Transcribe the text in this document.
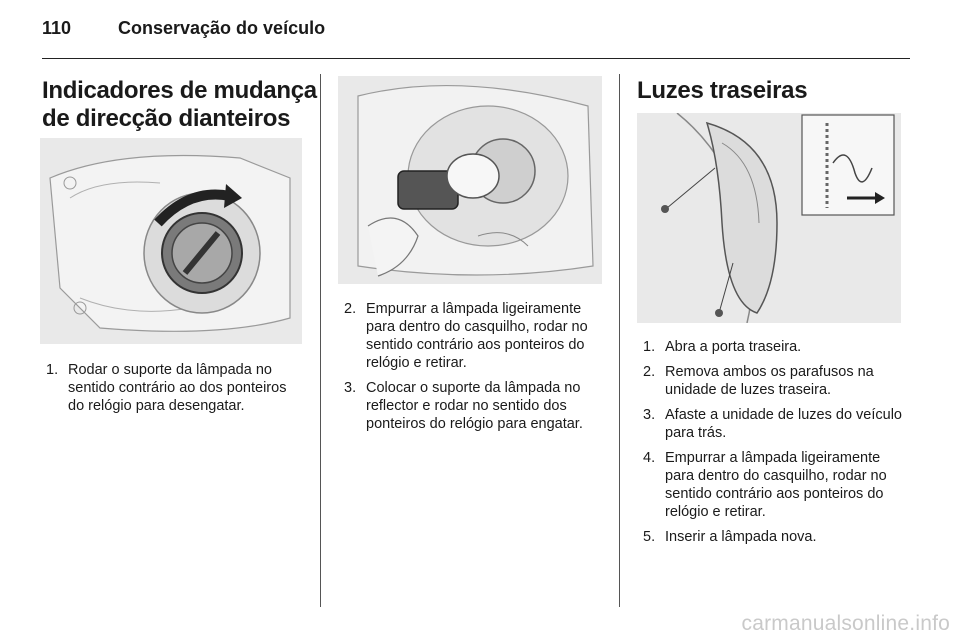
110	Conservação do veículo
Indicadores de mudança
de direcção dianteiros
1. Rodar o suporte da lâmpada no sentido contrário ao dos ponteiros do relógio para desengatar.
2. Empurrar a lâmpada ligeiramente para dentro do casquilho, rodar no sentido contrário aos ponteiros do relógio e retirar.
3. Colocar o suporte da lâmpada no reflector e rodar no sentido dos ponteiros do relógio para engatar.
Luzes traseiras
1. Abra a porta traseira.
2. Remova ambos os parafusos na unidade de luzes traseira.
3. Afaste a unidade de luzes do veículo para trás.
4. Empurrar a lâmpada ligeiramente para dentro do casquilho, rodar no sentido contrário aos ponteiros do relógio e retirar.
5. Inserir a lâmpada nova.
carmanualsonline.info
